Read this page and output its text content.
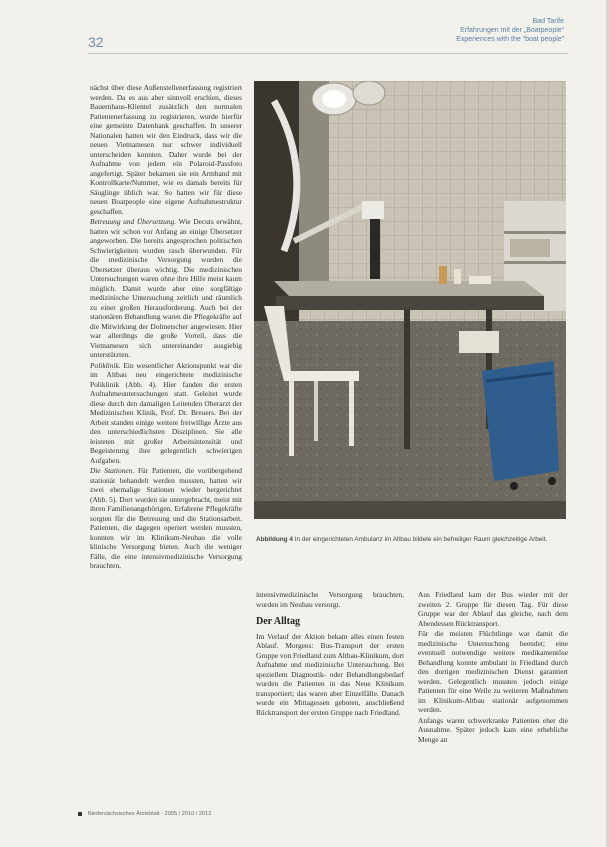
32
Bad Tarife
Erfahrungen mit der „Boatpeople“
Experiences with the “boat people”

nächst über diese Außenstellenerfassung registriert werden. Da es aus aber sinnvoll erschien, dieses Bauernhaus-Klientel zusätzlich den normalen Patientenerfassung zu registrieren, wurde hierfür eine gemeinte Datenbank geschaffen. In unserer Nationalen hatten wir den Eindruck, dass wir die neuen Vietnamesen nur schwer individuell unterscheiden konnten. Daher wurde bei der Aufnahme von jedem ein Polaroid-Passfoto angefertigt. Später bekamen sie ein Armband mit Kontrollkarte/Nummer, wie es damals bereits für Säuglinge üblich war. So hatten wir für diese neuen Boatpeople eine eigene Aufnahmestruktur geschaffen.

Betreuung und Übersetzung. Wie Decuts erwähnt, hatten wir schon vor Anfang an einige Übersetzer angeworben. Die bereits angesprochen politischen Schwierigkeiten wurden rasch überwunden. Für die medizinische Versorgung wurden die Übersetzer überaus wichtig. Die medizinischen Untersuchungen waren ohne ihre Hilfe meist kaum möglich. Damit wurde aber eine sorgfältige medizinische Untersuchung zeitlich und räumlich zu einer großen Herausforderung. Auch bei der stationären Behandlung waren die Pflegekräfte auf die Mitwirkung der Dolmetscher angewiesen. Hier war allerdings die große Vorteil, dass die Vietnamesen sich untereinander ausgiebig unterstützten.

Poliklinik. Ein wesentlicher Aktionspunkt war die im Altbau neu eingerichtete medizinische Poliklinik (Abb. 4). Hier fanden die ersten Aufnahmeuntersuchungen statt. Geleitet wurde diese durch den damaligen Leitenden Oberarzt der Medizinischen Klinik, Prof. Dr. Breuers. Bei der Arbeit standen einige weitere freiwillige Ärzte aus den unterschiedlichsten Disziplinen. Sie alle leisteten mit großer Arbeitsintensität und Begeisterung ihre gelegentlich schwierigen Aufgaben.

Die Stationen. Für Patienten, die vorübergehend stationär behandelt werden mussten, hatten wir zwei ehemalige Stationen wieder hergerichtet (Abb. 5). Dort wurden sie untergebracht, meist mit ihren Familienangehörigen. Erfahrene Pflegekräfte sorgten für die Betreuung und die Stationsarbeit. Patienten, die dagegen operiert werden mussten, konnten wir im Klinikum-Neubau die volle klinische Versorgung bieten. Auch die weniger Fälle, die eine intensivmedizinische Versorgung brauchten,

Abbildung 4 In der eingerichteten Ambulanz im Altbau bildete ein befreiliger Raum gleichzeitige Arbeit.

intensivmedizinische Versorgung brauchten, wurden im Neubau versorgt.

Der Alltag

Im Verlauf der Aktion bekam alles einen festen Ablauf. Morgens: Bus-Transport der ersten Gruppe von Friedland zum Altbau-Klinikum, dort Aufnahme und medizinische Untersuchung. Bei speziellem Diagnostik- oder Behandlungsbedarf wurden die Patienten in das Neue Klinikum transportiert; das waren aber Einzelfälle. Danach wurde ein Mittagessen geboten, anschließend Rücktransport der ersten Gruppe nach Friedland.

Aus Friedland kam der Bus wieder mit der zweiten 2. Gruppe für diesen Tag. Für diese Gruppe war der Ablauf das gleiche, nach dem Abendessen Rücktransport.

Für die meisten Flüchtlinge war damit die medizinische Untersuchung beendet; eine eventuell notwendige weitere medikamentöse Behandlung konnte ambulant in Friedland durch den dortigen medizinischen Dienst garantiert werden. Gelegentlich mussten jedoch einige Patienten für eine Weile zu weiteren Maßnahmen im Klinikum-Altbau stationär aufgenommen werden.

Anfangs waren schwerkranke Patienten eher die Ausnahme. Später jedoch kam eine erhebliche Menge an

Niedersächsisches Ärzteblatt · 2005 / 2010 / 2012
